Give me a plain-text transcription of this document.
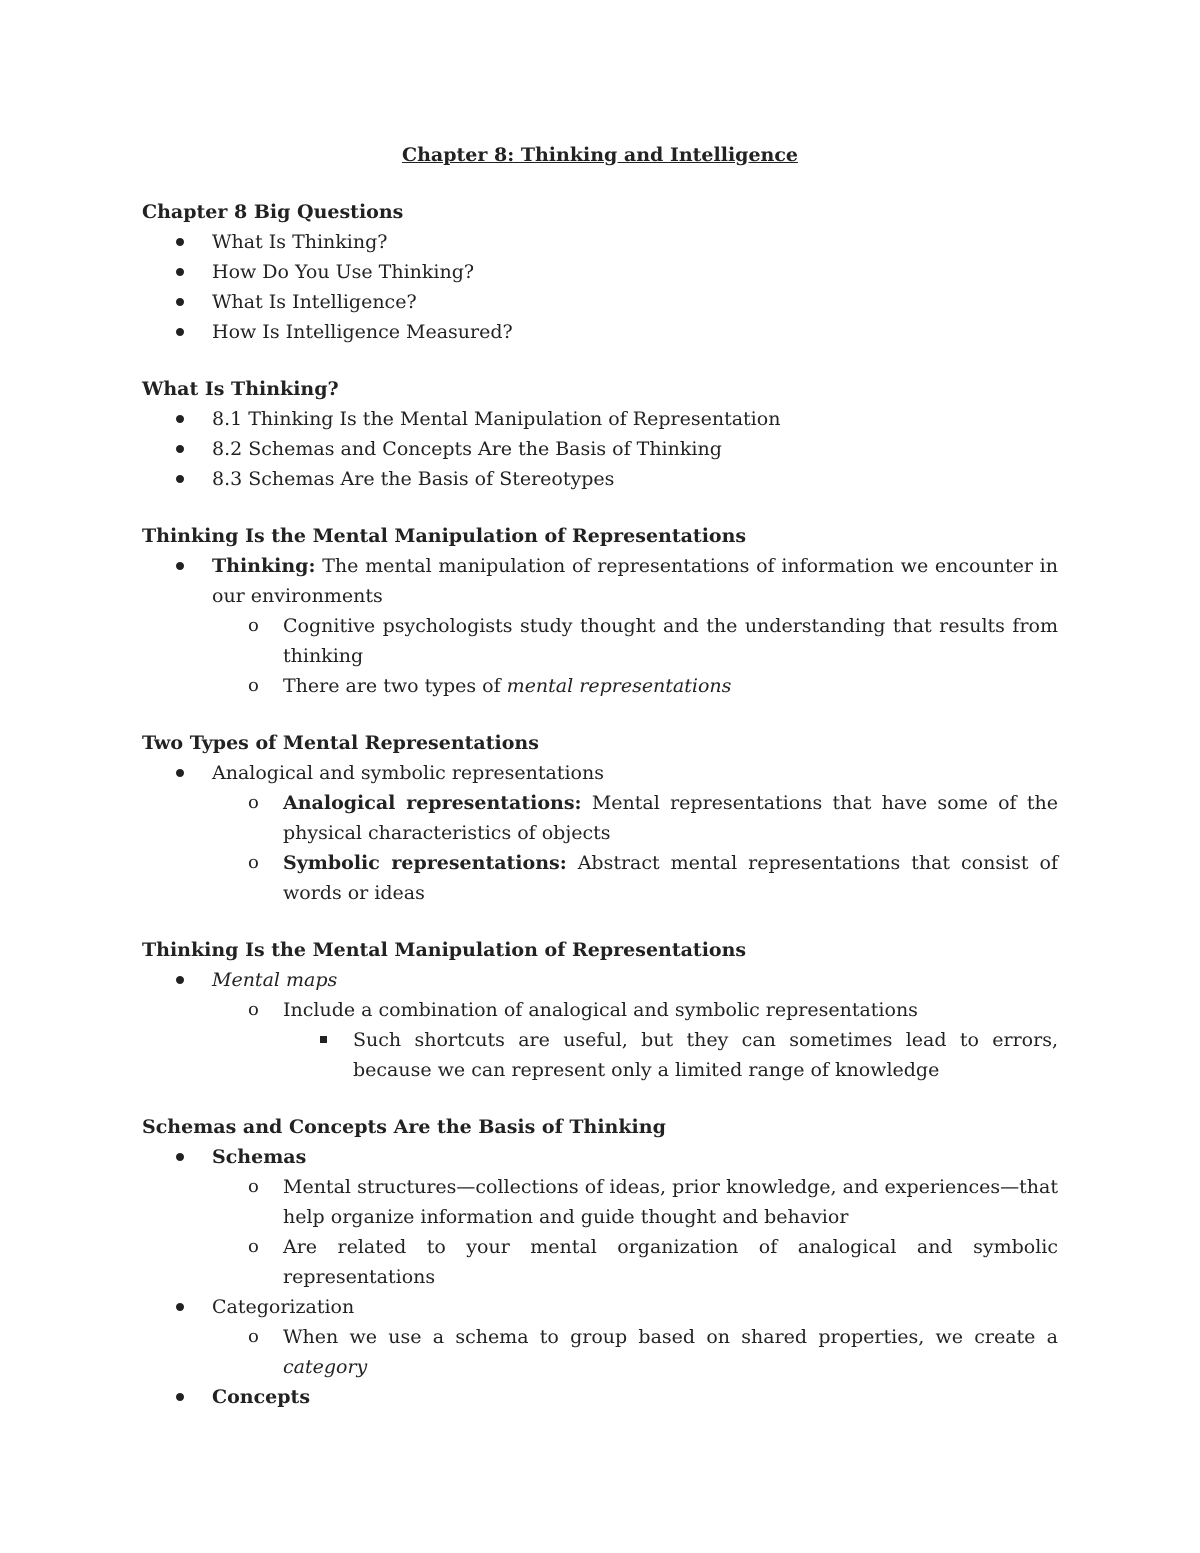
Chapter 8: Thinking and Intelligence
Chapter 8 Big Questions
What Is Thinking?
How Do You Use Thinking?
What Is Intelligence?
How Is Intelligence Measured?
What Is Thinking?
8.1 Thinking Is the Mental Manipulation of Representation
8.2 Schemas and Concepts Are the Basis of Thinking
8.3 Schemas Are the Basis of Stereotypes
Thinking Is the Mental Manipulation of Representations
Thinking: The mental manipulation of representations of information we encounter in our environments
o Cognitive psychologists study thought and the understanding that results from thinking
o There are two types of mental representations
Two Types of Mental Representations
Analogical and symbolic representations
o Analogical representations: Mental representations that have some of the physical characteristics of objects
o Symbolic representations: Abstract mental representations that consist of words or ideas
Thinking Is the Mental Manipulation of Representations
Mental maps
o Include a combination of analogical and symbolic representations
Such shortcuts are useful, but they can sometimes lead to errors, because we can represent only a limited range of knowledge
Schemas and Concepts Are the Basis of Thinking
Schemas
o Mental structures—collections of ideas, prior knowledge, and experiences—that help organize information and guide thought and behavior
o Are related to your mental organization of analogical and symbolic representations
Categorization
o When we use a schema to group based on shared properties, we create a category
Concepts
